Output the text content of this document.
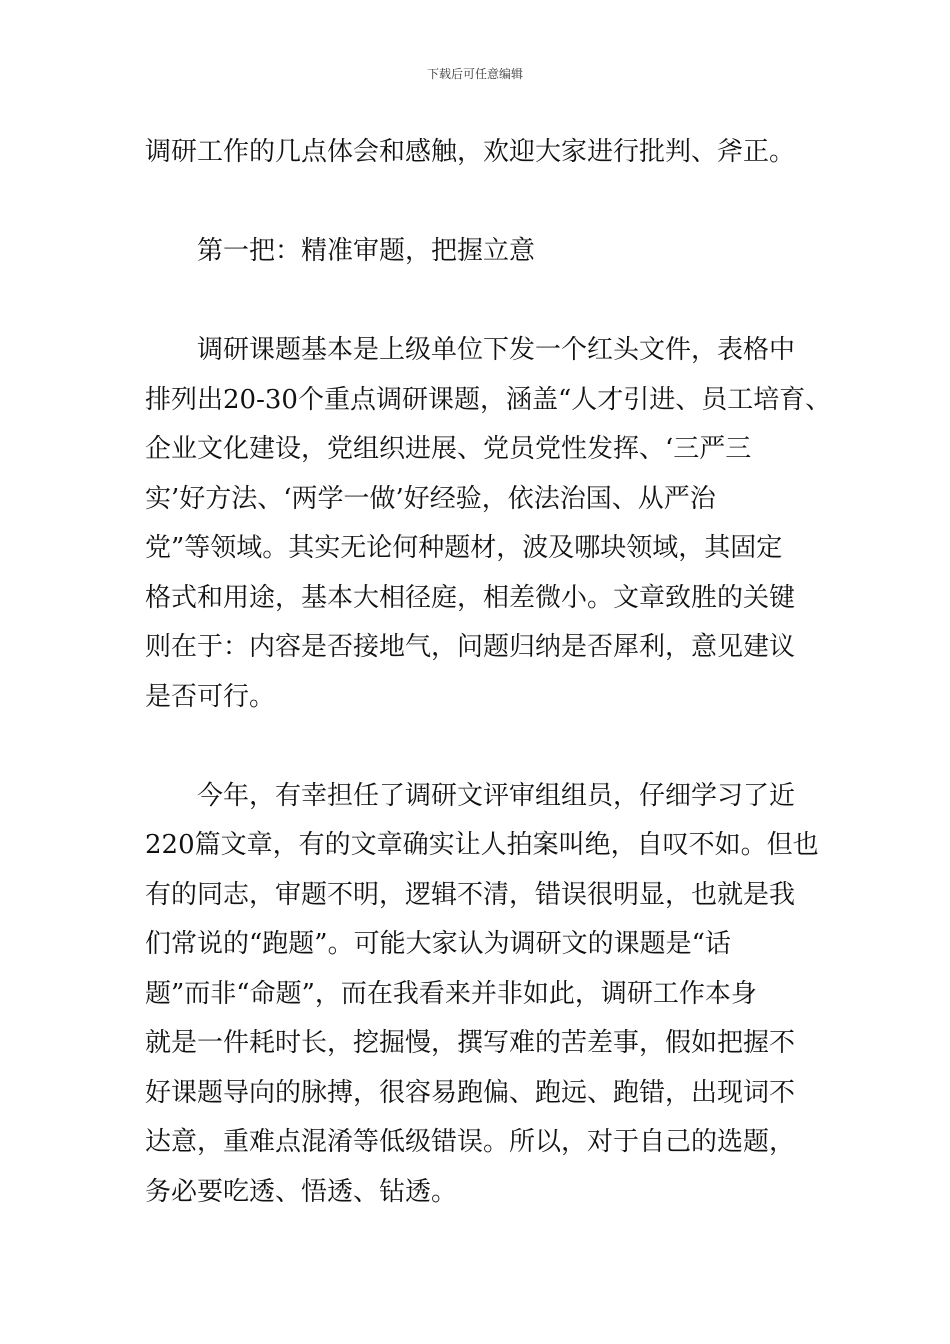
下载后可任意编辑
调研工作的几点体会和感触，欢迎大家进行批判、斧正。
第一把：精准审题，把握立意
调研课题基本是上级单位下发一个红头文件，表格中
排列出20-30个重点调研课题，涵盖“人才引进、员工培育、
企业文化建设，党组织进展、党员党性发挥、‘三严三
实’好方法、‘两学一做’好经验，依法治国、从严治
党”等领域。其实无论何种题材，波及哪块领域，其固定
格式和用途，基本大相径庭，相差微小。文章致胜的关键
则在于：内容是否接地气，问题归纳是否犀利，意见建议
是否可行。
今年，有幸担任了调研文评审组组员，仔细学习了近
220篇文章，有的文章确实让人拍案叫绝，自叹不如。但也
有的同志，审题不明，逻辑不清，错误很明显，也就是我
们常说的“跑题”。可能大家认为调研文的课题是“话
题”而非“命题”，而在我看来并非如此，调研工作本身
就是一件耗时长，挖掘慢，撰写难的苦差事，假如把握不
好课题导向的脉搏，很容易跑偏、跑远、跑错，出现词不
达意，重难点混淆等低级错误。所以，对于自己的选题，
务必要吃透、悟透、钻透。
